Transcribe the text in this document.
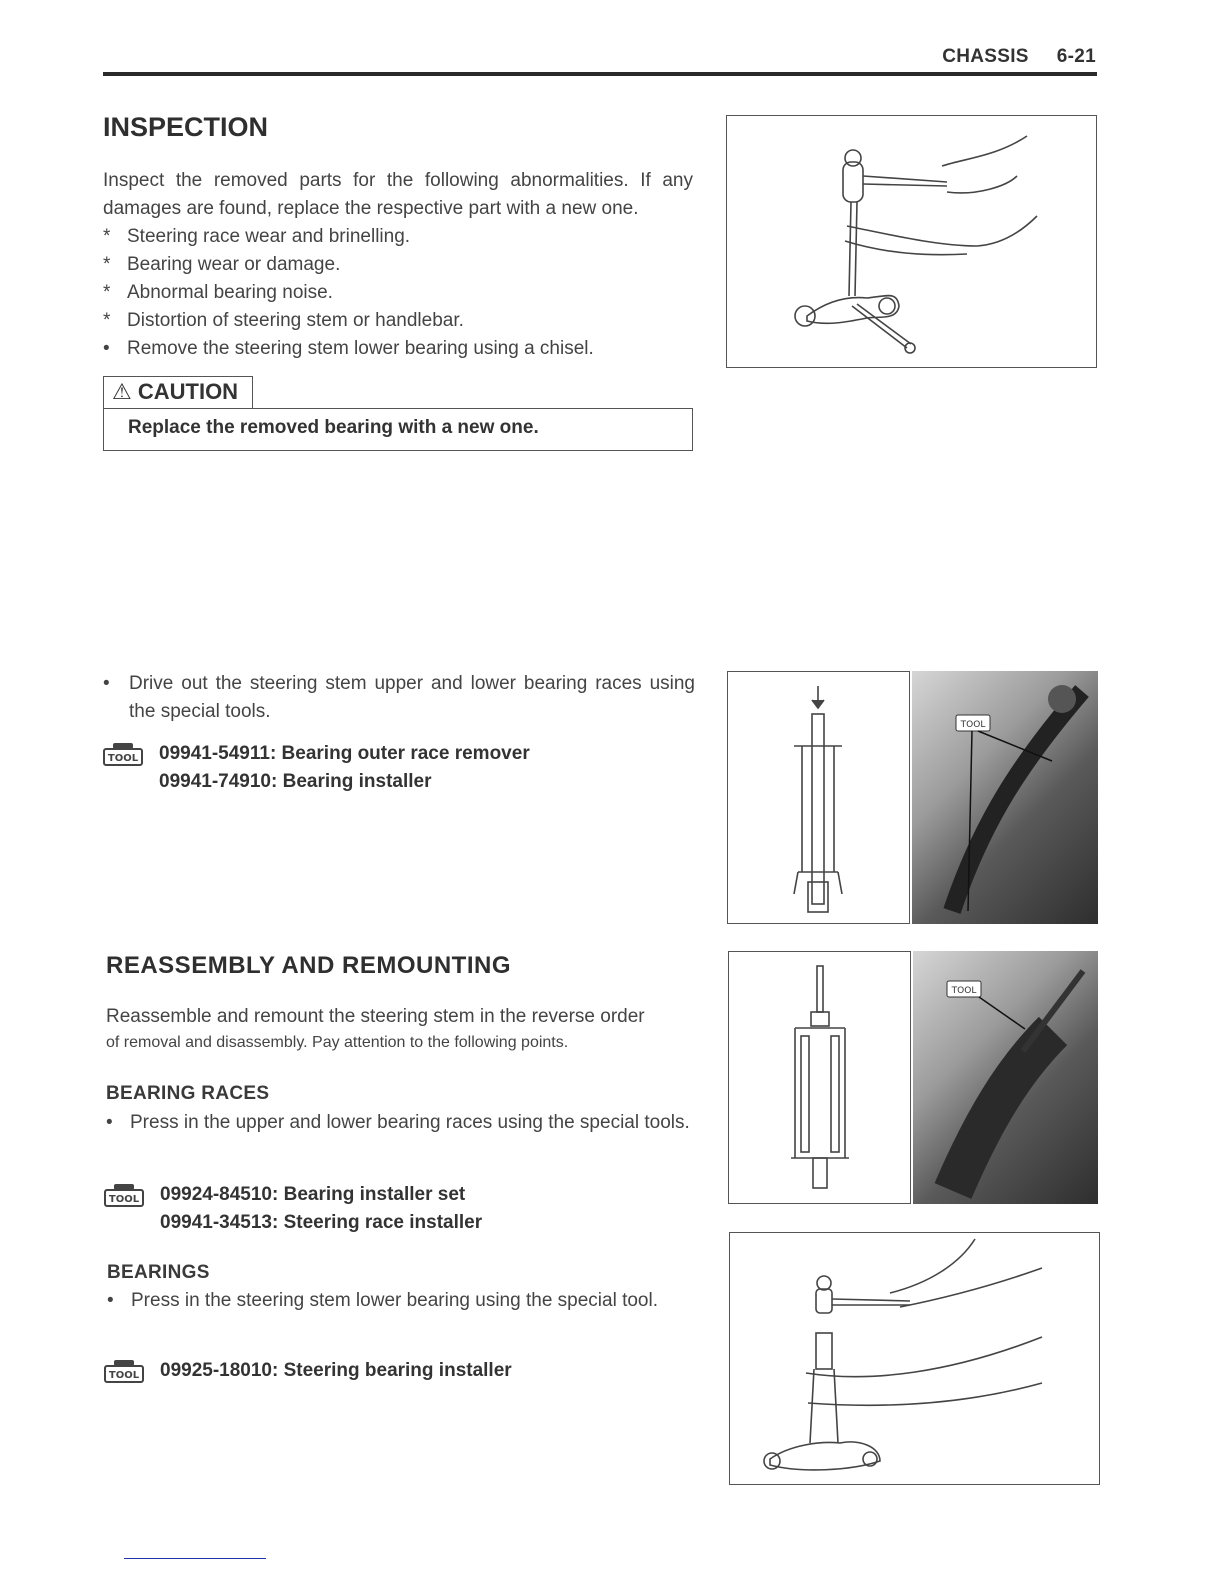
CHASSIS 6-21
INSPECTION
Inspect the removed parts for the following abnormalities. If any damages are found, replace the respective part with a new one.
* Steering race wear and brinelling.
* Bearing wear or damage.
* Abnormal bearing noise.
* Distortion of steering stem or handlebar.
• Remove the steering stem lower bearing using a chisel.
⚠ CAUTION
Replace the removed bearing with a new one.
• Drive out the steering stem upper and lower bearing races using the special tools.
TOOL	09941-54911: Bearing outer race remover
09941-74910: Bearing installer
TOOL
REASSEMBLY AND REMOUNTING
Reassemble and remount the steering stem in the reverse order
of removal and disassembly. Pay attention to the following points.
BEARING RACES
• Press in the upper and lower bearing races using the special tools.
TOOL	09924-84510: Bearing installer set
09941-34513: Steering race installer
BEARINGS
• Press in the steering stem lower bearing using the special tool.
TOOL	09925-18010: Steering bearing installer
TOOL
